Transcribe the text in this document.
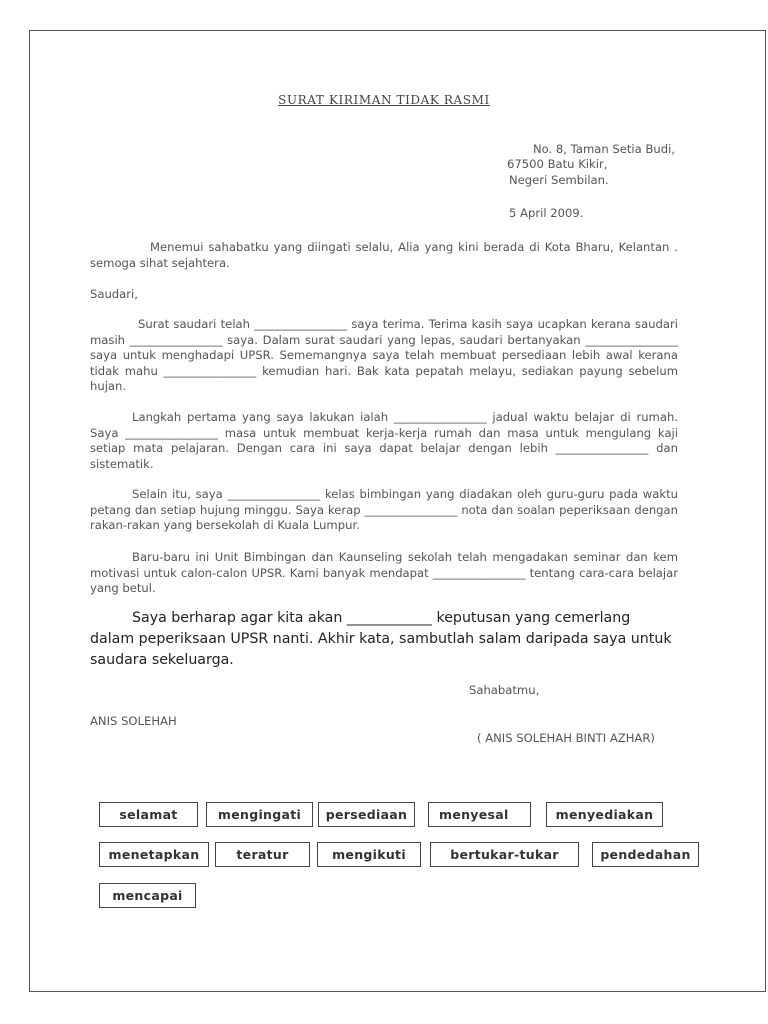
SURAT KIRIMAN TIDAK RASMI

No. 8, Taman Setia Budi,

67500 Batu Kikir,

Negeri Sembilan.

5 April 2009.

Menemui sahabatku yang diingati selalu, Alia yang kini berada di Kota Bharu, Kelantan . semoga sihat sejahtera.

Saudari,

Surat saudari telah ________________ saya terima. Terima kasih saya ucapkan kerana saudari masih ________________ saya. Dalam surat saudari yang lepas, saudari bertanyakan ________________ saya untuk menghadapi UPSR. Sememangnya saya telah membuat persediaan lebih awal kerana tidak mahu ________________ kemudian hari. Bak kata pepatah melayu, sediakan payung sebelum hujan.

Langkah pertama yang saya lakukan ialah ________________ jadual waktu belajar di rumah. Saya ________________ masa untuk membuat kerja-kerja rumah dan masa untuk mengulang kaji setiap mata pelajaran. Dengan cara ini saya dapat belajar dengan lebih ________________ dan sistematik.

Selain itu, saya ________________ kelas bimbingan yang diadakan oleh guru-guru pada waktu petang dan setiap hujung minggu. Saya kerap ________________ nota dan soalan peperiksaan dengan rakan-rakan yang bersekolah di Kuala Lumpur.

Baru-baru ini Unit Bimbingan dan Kaunseling sekolah telah mengadakan seminar dan kem motivasi untuk calon-calon UPSR. Kami banyak mendapat ________________ tentang cara-cara belajar yang betul.

Saya berharap agar kita akan ____________ keputusan yang cemerlang dalam peperiksaan UPSR nanti. Akhir kata, sambutlah salam daripada saya untuk saudara sekeluarga.

Sahabatmu,

ANIS SOLEHAH

( ANIS SOLEHAH BINTI AZHAR)

selamat	mengingati	persediaan	menyesal	menyediakan
menetapkan	teratur	mengikuti	bertukar-tukar	pendedahan
mencapai
